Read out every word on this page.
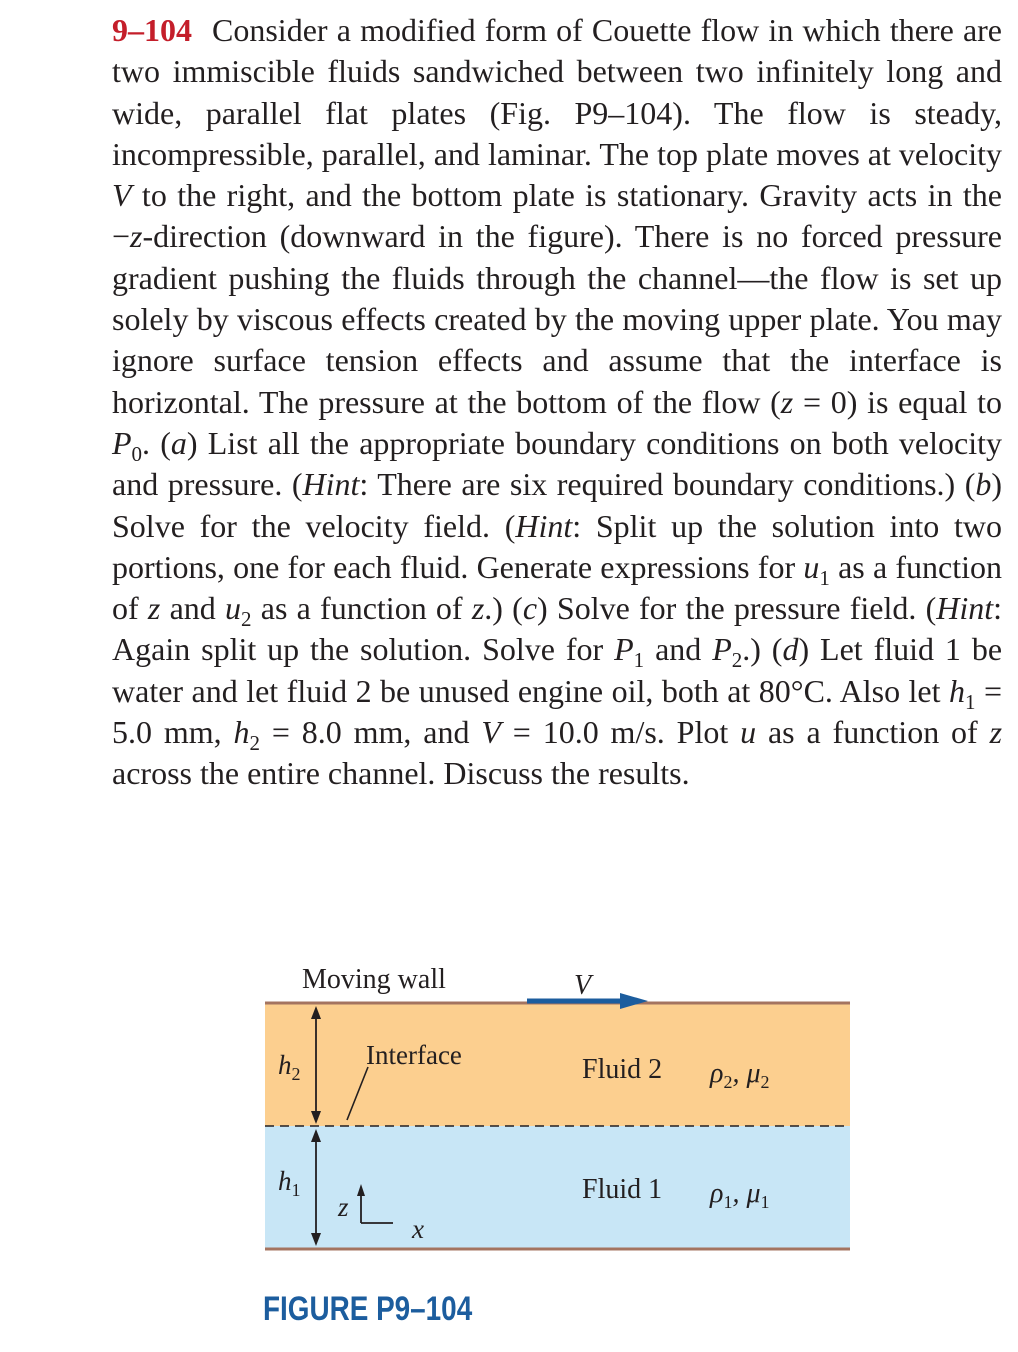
9–104 Consider a modified form of Couette flow in which there are two immiscible fluids sandwiched between two infinitely long and wide, parallel flat plates (Fig. P9–104). The flow is steady, incompressible, parallel, and laminar. The top plate moves at velocity V to the right, and the bottom plate is stationary. Gravity acts in the −z-direction (downward in the figure). There is no forced pressure gradient pushing the fluids through the channel—the flow is set up solely by viscous effects created by the moving upper plate. You may ignore surface tension effects and assume that the interface is horizontal. The pressure at the bottom of the flow (z = 0) is equal to $P_0$. (a) List all the appropriate boundary conditions on both velocity and pressure. (Hint: There are six required boundary conditions.) (b) Solve for the velocity field. (Hint: Split up the solution into two portions, one for each fluid. Generate expressions for $u_1$ as a function of z and $u_2$ as a function of z.) (c) Solve for the pressure field. (Hint: Again split up the solution. Solve for $P_1$ and $P_2$.) (d) Let fluid 1 be water and let fluid 2 be unused engine oil, both at 80°C. Also let $h_1 = 5.0$ mm, $h_2 = 8.0$ mm, and V = 10.0 m/s. Plot u as a function of z across the entire channel. Discuss the results.
Moving wall	V
Interface	Fluid 2
Fluid 1
$\rho_2$, $\mu_2$
$\rho_1$, $\mu_1$
$h_2$
$h_1$
z
x

FIGURE P9–104
